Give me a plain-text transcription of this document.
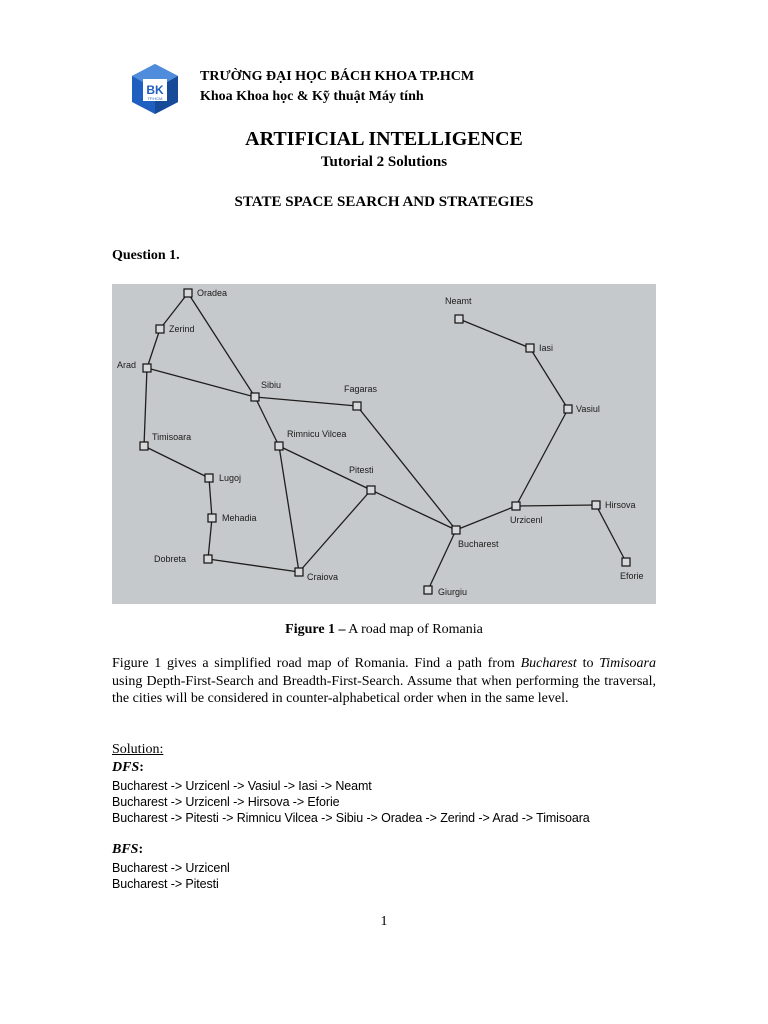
BK
TP.HCM
TRƯỜNG ĐẠI HỌC BÁCH KHOA TP.HCM
Khoa Khoa học & Kỹ thuật Máy tính
ARTIFICIAL INTELLIGENCE
Tutorial 2 Solutions
STATE SPACE SEARCH AND STRATEGIES
Question 1.
Oradea
Zerind
Arad
Sibiu	Fagaras
Timisoara	Rimnicu Vilcea
Lugoj
Mehadia
Pitesti
Dobreta
Craiova
Bucharest
Giurgiu
Neamt
Iasi
Vasiul
Urzicenl
Hirsova
Eforie
Figure 1 – A road map of Romania
Figure 1 gives a simplified road map of Romania. Find a path from Bucharest to Timisoara using Depth-First-Search and Breadth-First-Search. Assume that when performing the traversal, the cities will be considered in counter-alphabetical order when in the same level.
Solution:
DFS:
Bucharest -> Urzicenl -> Vasiul -> Iasi -> Neamt
Bucharest -> Urzicenl -> Hirsova -> Eforie
Bucharest -> Pitesti -> Rimnicu Vilcea -> Sibiu -> Oradea -> Zerind -> Arad -> Timisoara
BFS:
Bucharest -> Urzicenl
Bucharest -> Pitesti
1
